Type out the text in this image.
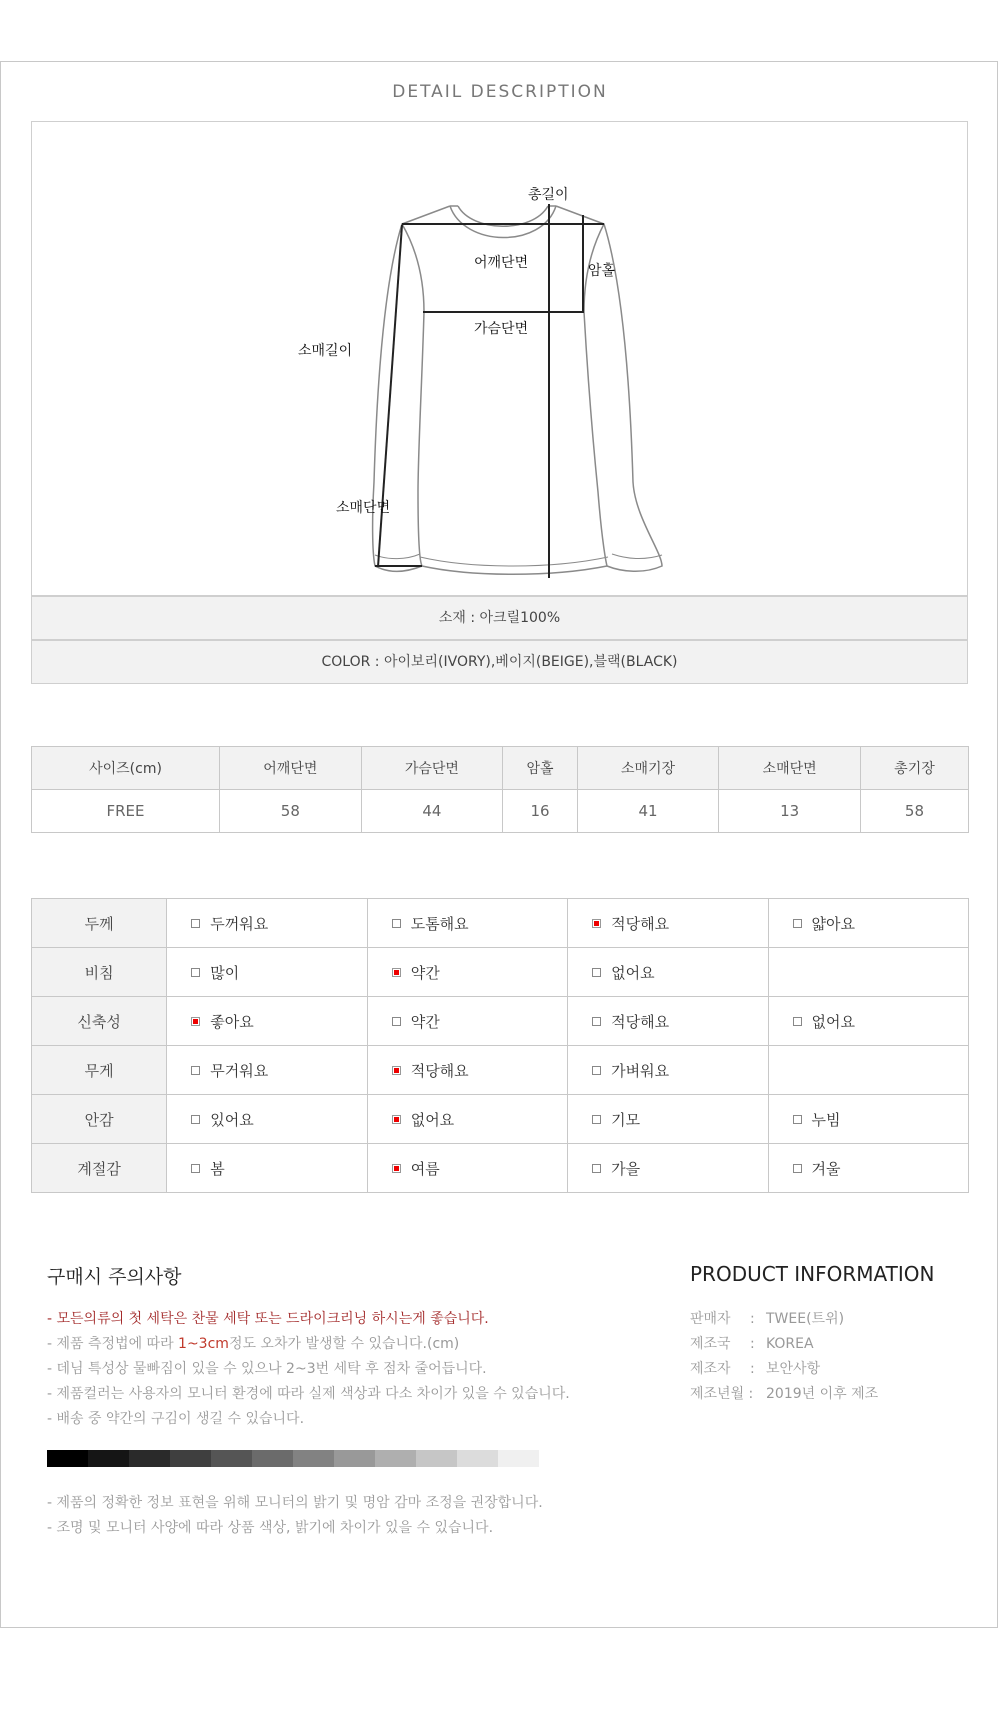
DETAIL DESCRIPTION
총길이
어깨단면	암홀
가슴단면
소매길이
소매단면
소재 : 아크릴100%
COLOR : 아이보리(IVORY),베이지(BEIGE),블랙(BLACK)
사이즈(cm)	어깨단면	가슴단면	암홀	소매기장	소매단면	총기장
FREE	58	44	16	41	13	58
두께	두꺼워요	도톰해요	적당해요	얇아요
비침	많이	약간	없어요	
신축성	좋아요	약간	적당해요	없어요
무게	무거워요	적당해요	가벼워요	
안감	있어요	없어요	기모	누빔
계절감	봄	여름	가을	겨울
구매시 주의사항
- 모든의류의 첫 세탁은 찬물 세탁 또는 드라이크리닝 하시는게 좋습니다.
- 제품 측정법에 따라 1~3cm정도 오차가 발생할 수 있습니다.(cm)
- 데님 특성상 물빠짐이 있을 수 있으나 2~3번 세탁 후 점차 줄어듭니다.
- 제품컬러는 사용자의 모니터 환경에 따라 실제 색상과 다소 차이가 있을 수 있습니다.
- 배송 중 약간의 구김이 생길 수 있습니다.
- 제품의 정확한 정보 표현을 위해 모니터의 밝기 및 명암 감마 조정을 권장합니다.
- 조명 및 모니터 사양에 따라 상품 색상, 밝기에 차이가 있을 수 있습니다.
PRODUCT INFORMATION
판매자 : TWEE(트위)
제조국 : KOREA
제조자 : 보안사항
제조년월 : 2019년 이후 제조
